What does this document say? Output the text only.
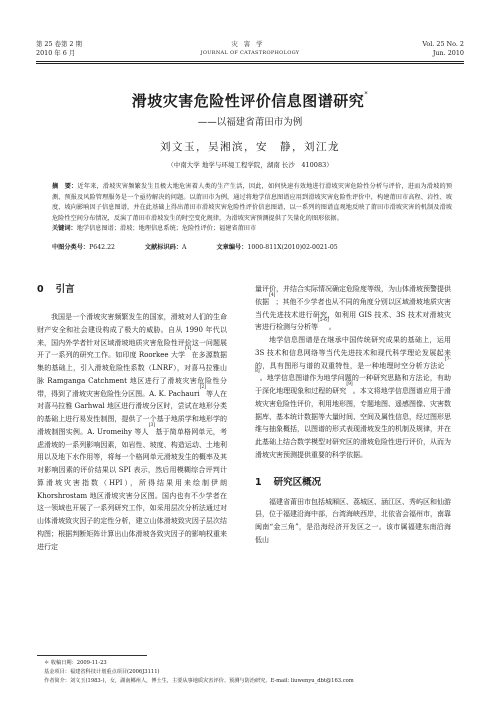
第 25 卷第 2 期
2010 年 6 月
灾害学
JOURNAL OF CATASTROPHOLOGY
Vol. 25 No. 2
Jun. 2010
滑坡灾害危险性评价信息图谱研究*
——以福建省莆田市为例
刘文玉，吴湘滨，安　静，刘江龙
（中南大学 地学与环境工程学院，湖南 长沙　410083）
摘　要：近年来，滑坡灾害频繁发生且极大地危害着人类的生产生活，因此，如何快速有效地进行滑坡灾害危险性分析与评价，进而为滑坡的预测、预报及风险管理服务是一个亟待解决的问题。以莆田市为例，通过将地学信息图谱应用到滑坡灾害危险性评价中，构建莆田市高程、岩性、坡度、坡向影响因子信息图谱，并在此基础上得出莆田市滑坡灾害危险性评价信息图谱，以一系列的图谱直观地反映了莆田市滑坡灾害的机制及滑坡危险性空间分布情况，反演了莆田市滑坡发生的时空变化规律，为滑坡灾害预测提供了矢量化的图形依据。
关键词：地学信息图谱；滑坡；地理信息系统；危险性评价；福建省莆田市
中图分类号：P642.22	文献标识码：A	文章编号：1000-811X(2010)02-0021-05
0 引言

我国是一个滑坡灾害频繁发生的国家，滑坡对人们的生命财产安全和社会建设构成了极大的威胁。自从 1990 年代以来，国内外学者针对区域滑坡地质灾害危险性评价这一问题展开了一系列的研究工作。如印度 Roorkee 大学[1]在多源数据集的基础上，引入滑坡危险性系数（LNRF），对喜马拉雅山脉 Ramganga Catchment 地区进行了滑坡灾害危险性分带，得到了滑坡灾害危险性分区图。A. K. Pachauri[2]等人在对喜马拉雅 Garhwal 地区进行滑坡分区时，尝试在地形分类的基础上进行易发性制图，提供了一个基于地质学和地形学的滑坡制图实例。A. Uromeihy 等人[3]基于简单格网单元，考虑滑坡的一系列影响因素，如岩性、坡度、构造运动、土地利用以及地下水作用等，将每一个格网单元滑坡发生的概率及其对影响因素的评价结果以 SPI 表示，然后用模糊综合评判计算滑坡灾害指数（HPI），所得结果用来绘制伊朗 Khorshrostam 地区滑坡灾害分区图。国内也有不少学者在这一领域也开展了一系列研究工作，如采用层次分析法通过对山体滑坡致灾因子的定性分析，建立山体滑坡致灾因子层次结构图；根据判断矩阵计算出山体滑坡各致灾因子的影响权重来进行定

量评价，并结合实际情况确定危险度等级，为山体滑坡预警提供依据[4]；其他不少学者也从不同的角度分别以区域滑坡地质灾害当代先进技术进行研究，如利用 GIS 技术、3S 技术对滑坡灾害进行检测与分析等[5-6]。

地学信息图谱是在继承中国传统研究成果的基础上，运用 3S 技术和信息网络等当代先进技术和现代科学理论发展起来的，具有图形与谱的双重特性，是一种地理时空分析方法论[7-8]。地学信息图谱作为地学问题的一种研究思路和方法论，有助于深化地理现象和过程的研究[9]。本文将地学信息图谱应用于滑坡灾害危险性评价，利用地形图，专题地图、遥感图像、灾害数据库、基本统计数据等大量时间、空间及属性信息，经过图形思维与抽象概括，以图谱的形式表现滑坡发生的机制及规律，并在此基础上结合数学模型对研究区的滑坡危险性进行评价，从而为滑坡灾害预测提供重要的科学依据。

1 研究区概况

福建省莆田市包括城厢区、荔城区、涵江区、秀屿区和仙游县，位于福建沿海中部，台湾海峡西岸，北依省会福州市，南靠闽南“金三角”，是沿海经济开发区之一。该市属福建东南沿海低山

＊ 收稿日期：2009-11-23
基金项目：福建省科技计划重点项目(2006J3111)
作者简介：刘文玉(1983-)，女，湖南郴州人，博士生，主要从事地质灾害评价、预测与防治研究。E-mail: liuwenyu_dbt@163.com
